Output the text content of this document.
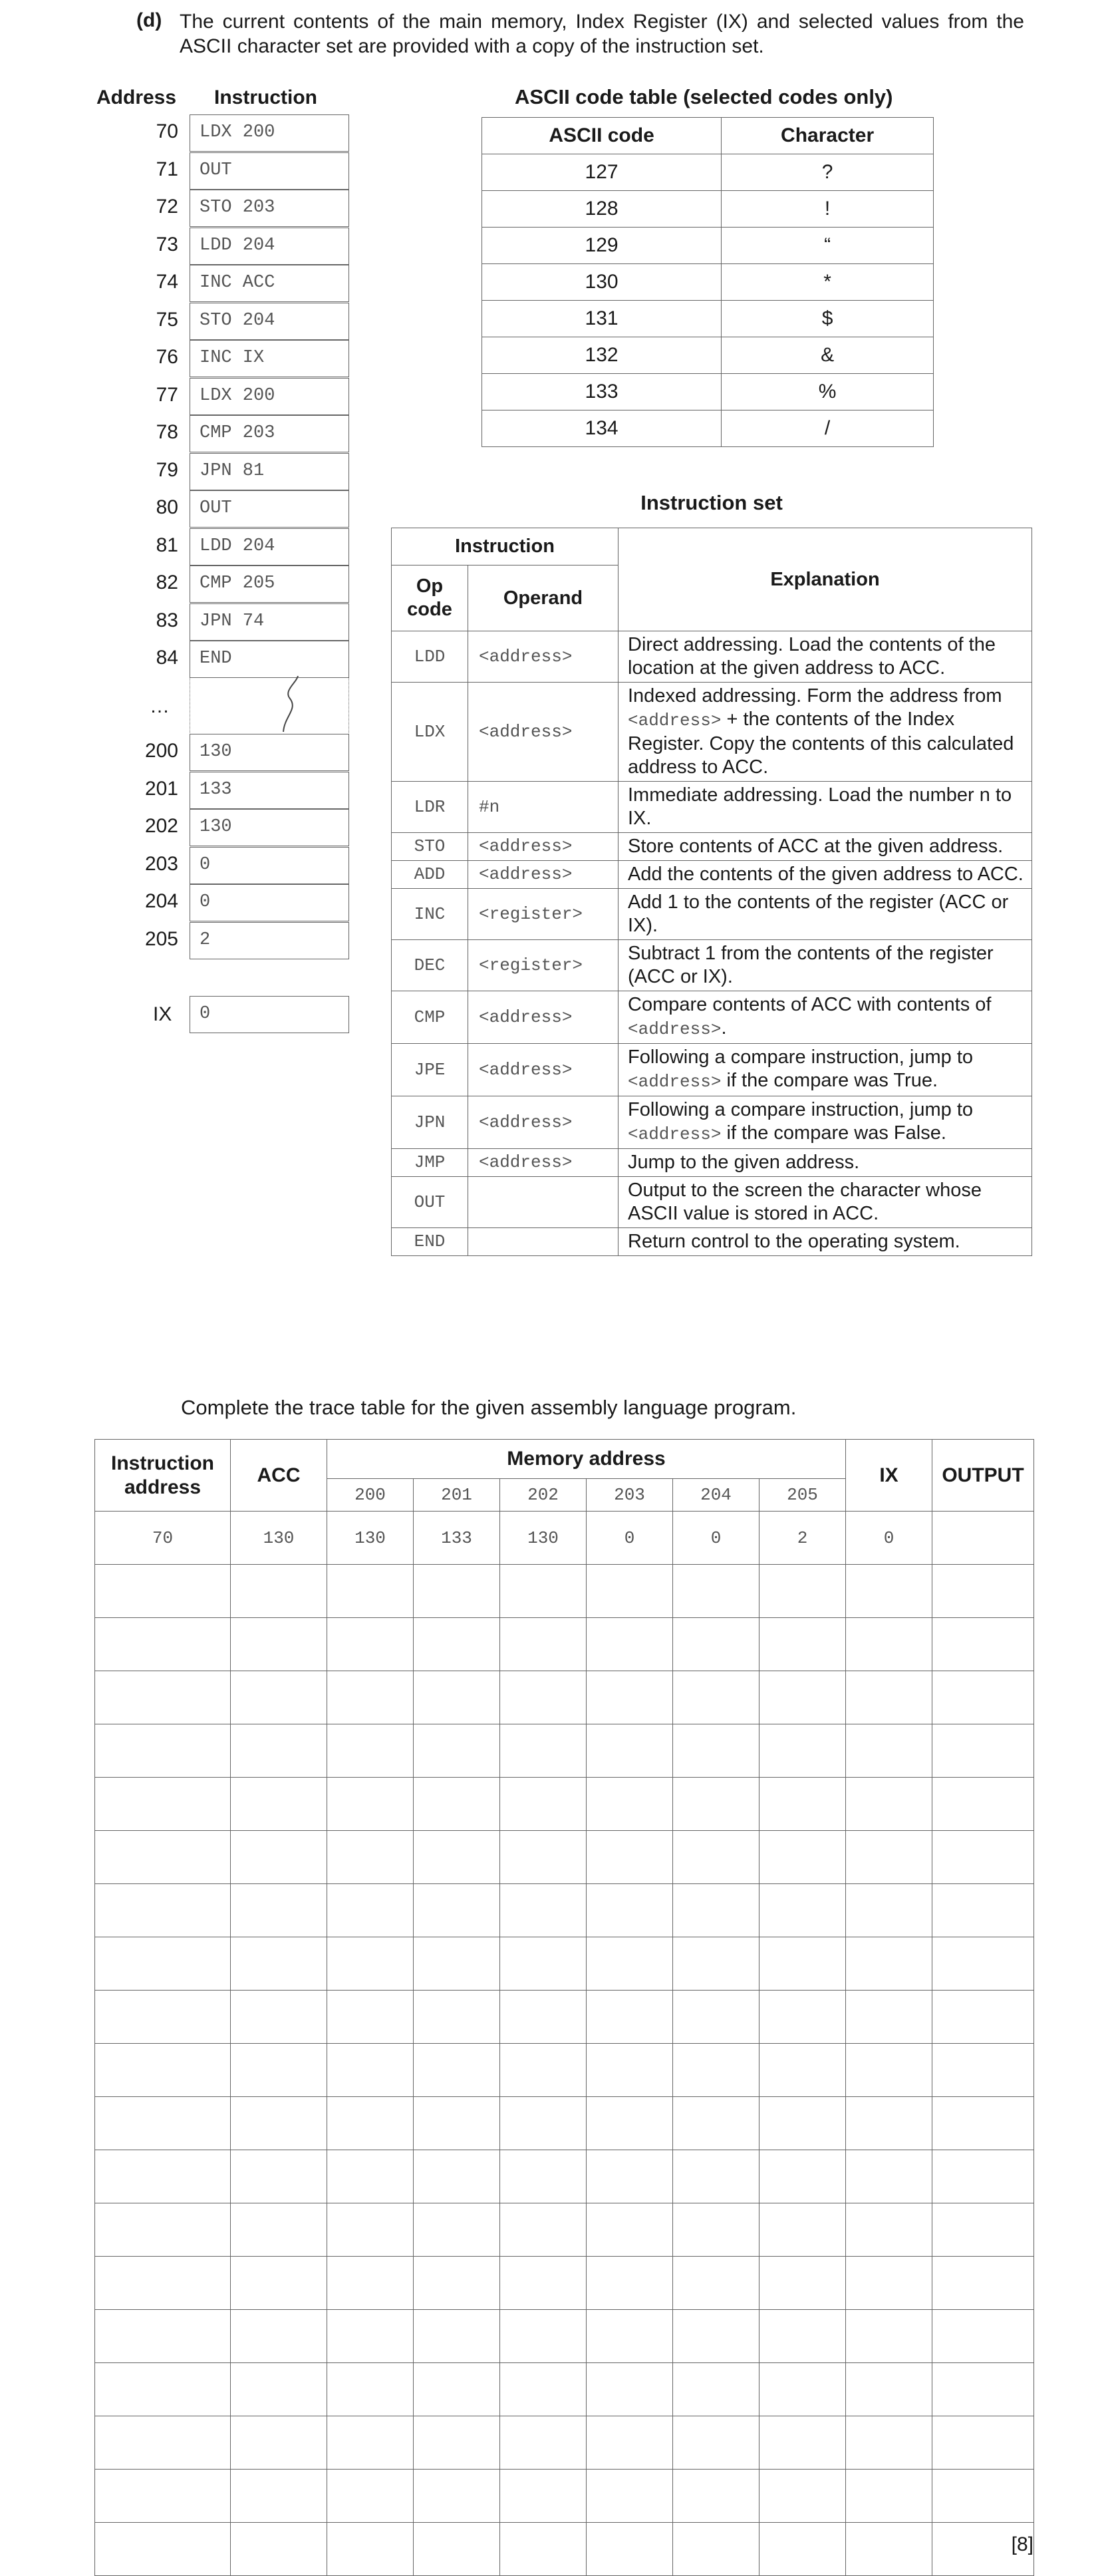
(d) The current contents of the main memory, Index Register (IX) and selected values from the ASCII character set are provided with a copy of the instruction set.
Address Instruction
70	LDX 200
71	OUT
72	STO 203
73	LDD 204
74	INC ACC
75	STO 204
76	INC IX
77	LDX 200
78	CMP 203
79	JPN 81
80	OUT
81	LDD 204
82	CMP 205
83	JPN 74
84	END
200	130
201	133
202	130
203	0
204	0
205	2
…
IX	0
ASCII code table (selected codes only)
ASCII code	Character
127	?
128	!
129	“
130	*
131	$
132	&
133	%
134	/
Instruction set
Instruction		Explanation
Op code	Operand	
LDD	<address>	Direct addressing. Load the contents of the location at the given address to ACC.
LDX	<address>	Indexed addressing. Form the address from <address> + the contents of the Index Register. Copy the contents of this calculated address to ACC.
LDR	#n	Immediate addressing. Load the number n to IX.
STO	<address>	Store contents of ACC at the given address.
ADD	<address>	Add the contents of the given address to ACC.
INC	<register>	Add 1 to the contents of the register (ACC or IX).
DEC	<register>	Subtract 1 from the contents of the register (ACC or IX).
CMP	<address>	Compare contents of ACC with contents of <address>.
JPE	<address>	Following a compare instruction, jump to <address> if the compare was True.
JPN	<address>	Following a compare instruction, jump to <address> if the compare was False.
JMP	<address>	Jump to the given address.
OUT		Output to the screen the character whose ASCII value is stored in ACC.
END		Return control to the operating system.
Complete the trace table for the given assembly language program.
Instruction address	ACC	Memory address						IX	OUTPUT
		200	201	202	203	204	205		
70	130	130	133	130	0	0	2	0	

[8]
